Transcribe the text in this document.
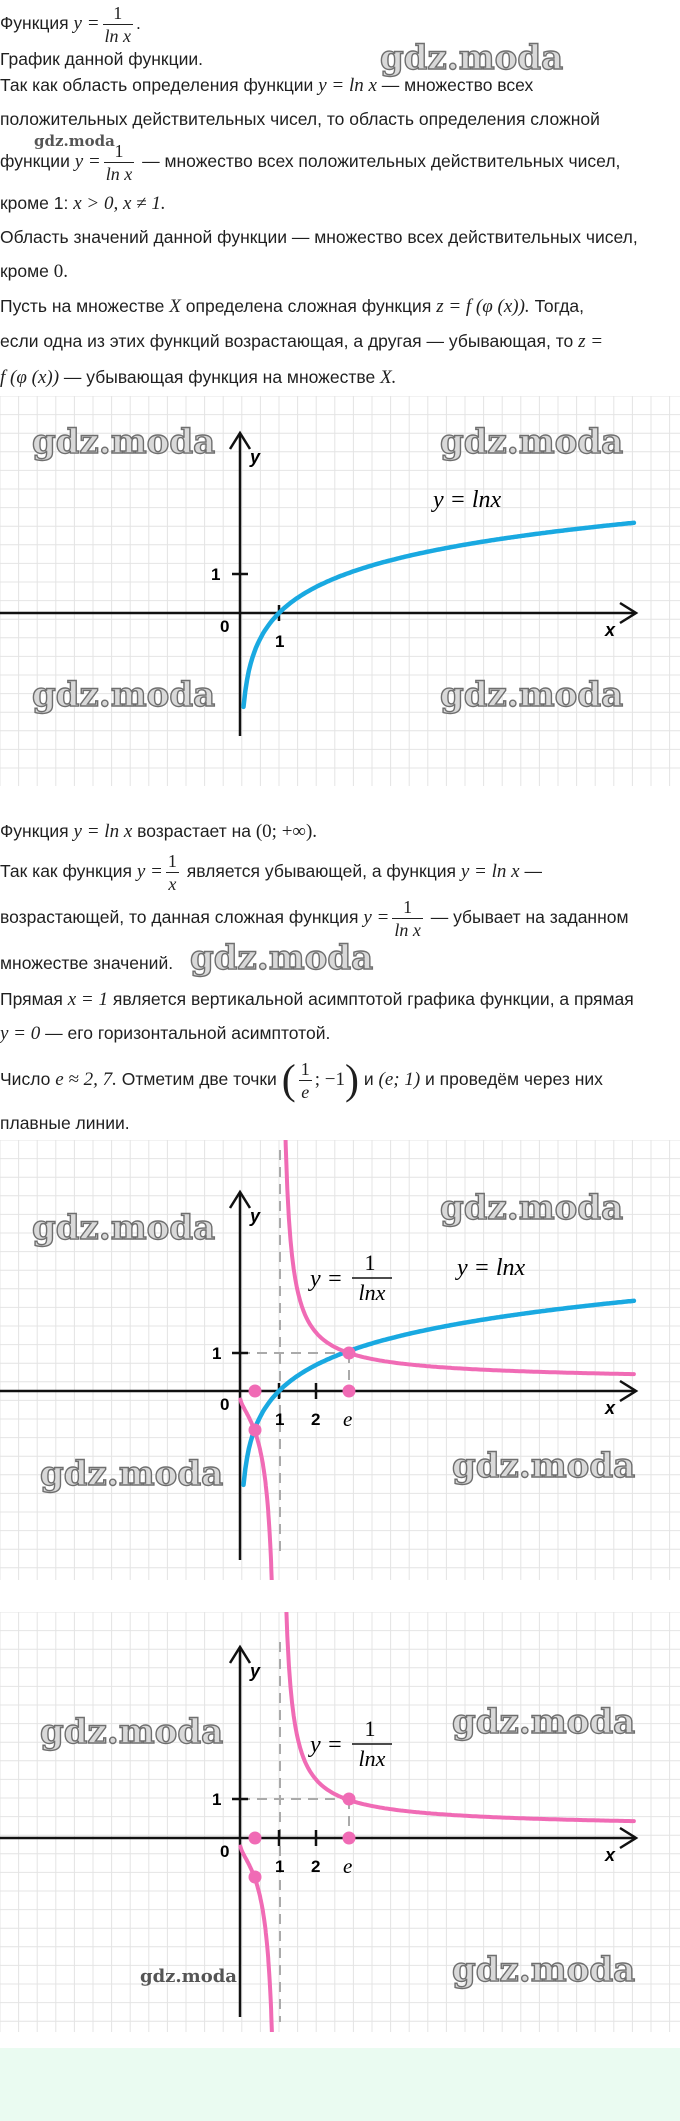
Функция $y = \frac{1}{\text{ln x}}$ .
График данной функции.
Так как область определения функции y = ln x — множество всех
положительных действительных чисел, то область определения сложной
функции $y = \frac{1}{\text{ln x}}$ — множество всех положительных действительных чисел,
кроме 1: x > 0, x ≠ 1.
Область значений данной функции — множество всех действительных чисел,
кроме 0.
Пусть на множестве X определена сложная функция z = f (φ (x)). Тогда,
если одна из этих функций возрастающая, а другая — убывающая, то z =
f (φ (x)) — убывающая функция на множестве X.
y
x
0
1
1
y = lnx
Функция y = ln x возрастает на (0; +∞).
Так как функция $y = \frac{1}{x}$ является убывающей, а функция y = ln x —
возрастающей, то данная сложная функция $y = \frac{1}{\text{ln x}}$ — убывает на заданном
множестве значений.
Прямая x = 1 является вертикальной асимптотой графика функции, а прямая
y = 0 — его горизонтальной асимптотой.
Число e ≈ 2, 7. Отметим две точки ( $\frac{1}{e}$ ; −1) и (e; 1) и проведём через них
плавные линии.
y
x
0
1 2 e
1
y = lnx
y =
1
lnx
y
x
0
1 2 e
1
y =
1
lnx
gdz.moda
gdz.moda
gdz.moda	gdz.moda
gdz.moda	gdz.moda
gdz.moda
gdz.moda
gdz.moda
gdz.moda	gdz.moda
gdz.moda	gdz.moda
gdz.moda	gdz.moda
